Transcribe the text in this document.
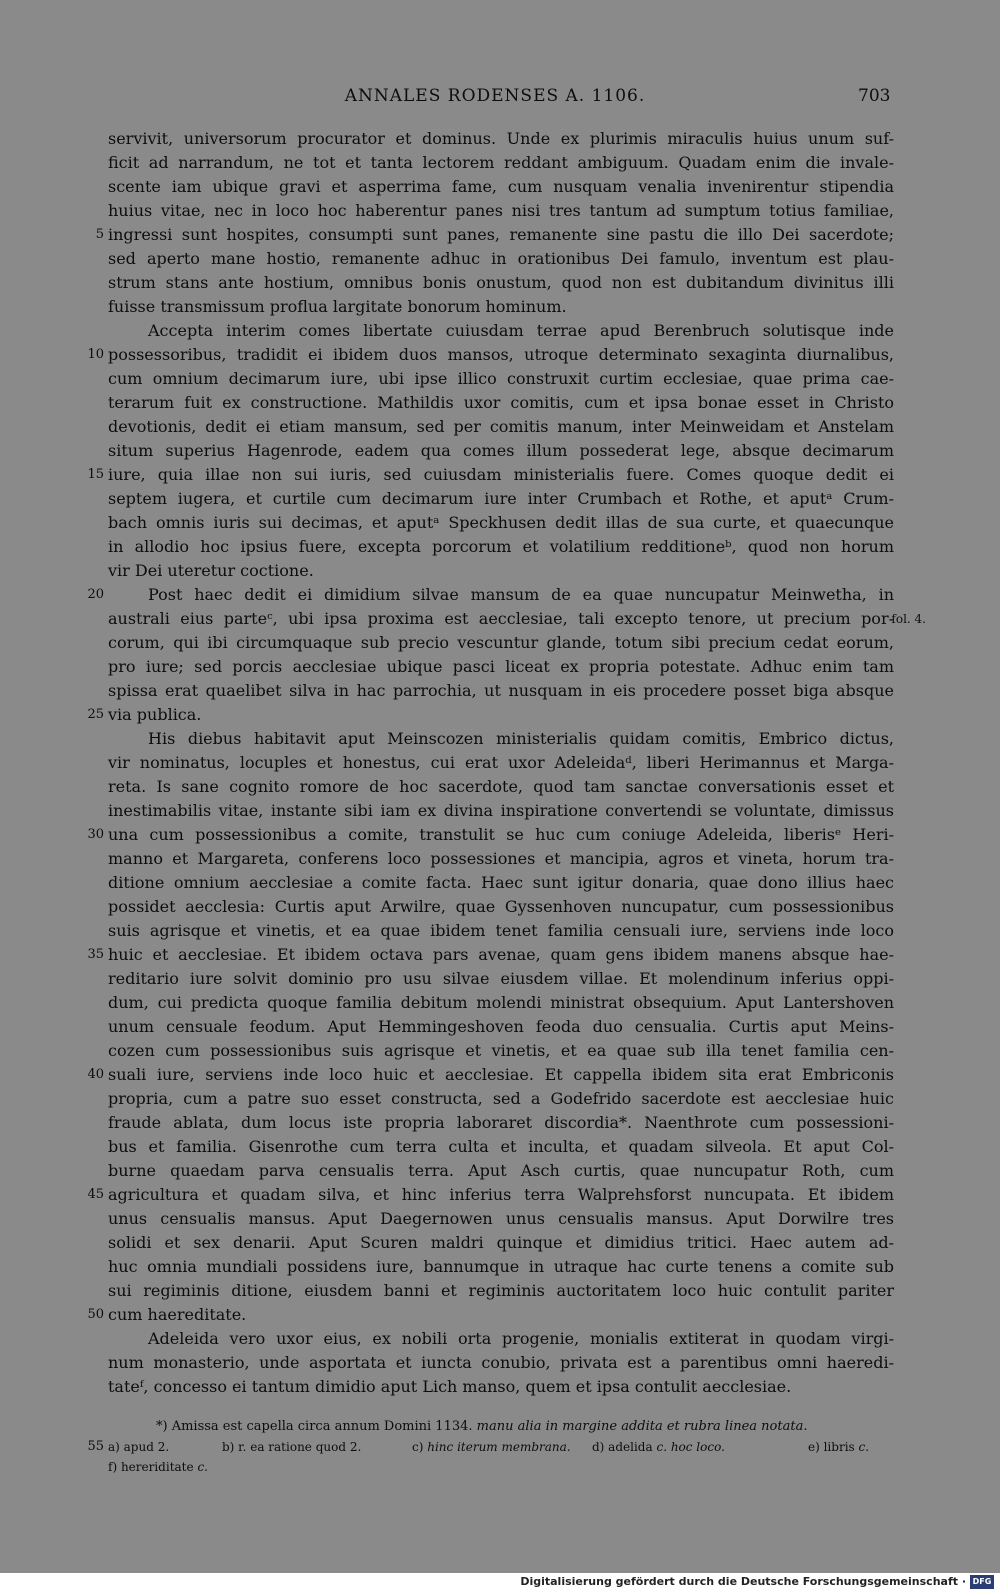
ANNALES RODENSES A. 1106.	703
servivit, universorum procurator et dominus. Unde ex plurimis miraculis huius unum suf-
ficit ad narrandum, ne tot et tanta lectorem reddant ambiguum. Quadam enim die invale-
scente iam ubique gravi et asperrima fame, cum nusquam venalia invenirentur stipendia
huius vitae, nec in loco hoc haberentur panes nisi tres tantum ad sumptum totius familiae,
5 ingressi sunt hospites, consumpti sunt panes, remanente sine pastu die illo Dei sacerdote;
sed aperto mane hostio, remanente adhuc in orationibus Dei famulo, inventum est plau-
strum stans ante hostium, omnibus bonis onustum, quod non est dubitandum divinitus illi
fuisse transmissum proflua largitate bonorum hominum.
Accepta interim comes libertate cuiusdam terrae apud Berenbruch solutisque inde
10 possessoribus, tradidit ei ibidem duos mansos, utroque determinato sexaginta diurnalibus,
cum omnium decimarum iure, ubi ipse illico construxit curtim ecclesiae, quae prima cae-
terarum fuit ex constructione. Mathildis uxor comitis, cum et ipsa bonae esset in Christo
devotionis, dedit ei etiam mansum, sed per comitis manum, inter Meinweidam et Anstelam
situm superius Hagenrode, eadem qua comes illum possederat lege, absque decimarum
15 iure, quia illae non sui iuris, sed cuiusdam ministerialis fuere. Comes quoque dedit ei
septem iugera, et curtile cum decimarum iure inter Crumbach et Rothe, et aputᵃ Crum-
bach omnis iuris sui decimas, et aputᵃ Speckhusen dedit illas de sua curte, et quaecunque
in allodio hoc ipsius fuere, excepta porcorum et volatilium redditioneᵇ, quod non horum
vir Dei uteretur coctione.
20	Post haec dedit ei dimidium silvae mansum de ea quae nuncupatur Meinwetha, in
australi eius parteᶜ, ubi ipsa proxima est aecclesiae, tali excepto tenore, ut precium por-
fol. 4.
corum, qui ibi circumquaque sub precio vescuntur glande, totum sibi precium cedat eorum,
pro iure; sed porcis aecclesiae ubique pasci liceat ex propria potestate. Adhuc enim tam
spissa erat quaelibet silva in hac parrochia, ut nusquam in eis procedere posset biga absque
25 via publica.
His diebus habitavit aput Meinscozen ministerialis quidam comitis, Embrico dictus,
vir nominatus, locuples et honestus, cui erat uxor Adeleidaᵈ, liberi Herimannus et Marga-
reta. Is sane cognito romore de hoc sacerdote, quod tam sanctae conversationis esset et
inestimabilis vitae, instante sibi iam ex divina inspiratione convertendi se voluntate, dimissus
30 una cum possessionibus a comite, transtulit se huc cum coniuge Adeleida, liberisᵉ Heri-
manno et Margareta, conferens loco possessiones et mancipia, agros et vineta, horum tra-
ditione omnium aecclesiae a comite facta. Haec sunt igitur donaria, quae dono illius haec
possidet aecclesia: Curtis aput Arwilre, quae Gyssenhoven nuncupatur, cum possessionibus
suis agrisque et vinetis, et ea quae ibidem tenet familia censuali iure, serviens inde loco
35 huic et aecclesiae. Et ibidem octava pars avenae, quam gens ibidem manens absque hae-
reditario iure solvit dominio pro usu silvae eiusdem villae. Et molendinum inferius oppi-
dum, cui predicta quoque familia debitum molendi ministrat obsequium. Aput Lantershoven
unum censuale feodum. Aput Hemmingeshoven feoda duo censualia. Curtis aput Meins-
cozen cum possessionibus suis agrisque et vinetis, et ea quae sub illa tenet familia cen-
40 suali iure, serviens inde loco huic et aecclesiae. Et cappella ibidem sita erat Embriconis
propria, cum a patre suo esset constructa, sed a Godefrido sacerdote est aecclesiae huic
fraude ablata, dum locus iste propria laboraret discordia*. Naenthrote cum possessioni-
bus et familia. Gisenrothe cum terra culta et inculta, et quadam silveola. Et aput Col-
burne quaedam parva censualis terra. Aput Asch curtis, quae nuncupatur Roth, cum
45 agricultura et quadam silva, et hinc inferius terra Walprehsforst nuncupata. Et ibidem
unus censualis mansus. Aput Daegernowen unus censualis mansus. Aput Dorwilre tres
solidi et sex denarii. Aput Scuren maldri quinque et dimidius tritici. Haec autem ad-
huc omnia mundiali possidens iure, bannumque in utraque hac curte tenens a comite sub
sui regiminis ditione, eiusdem banni et regiminis auctoritatem loco huic contulit pariter
50 cum haereditate.
Adeleida vero uxor eius, ex nobili orta progenie, monialis extiterat in quodam virgi-
num monasterio, unde asportata et iuncta conubio, privata est a parentibus omni haeredi-
tateᶠ, concesso ei tantum dimidio aput Lich manso, quem et ipsa contulit aecclesiae.
*) Amissa est capella circa annum Domini 1134. manu alia in margine addita et rubra linea notata.
55 a) apud 2.	b) r. ea ratione quod 2.	c) hinc iterum membrana. d) adelida c. hoc loco.	e) libris c.
f) hereriditate c.
Digitalisierung gefördert durch die Deutsche Forschungsgemeinschaft · DFG
